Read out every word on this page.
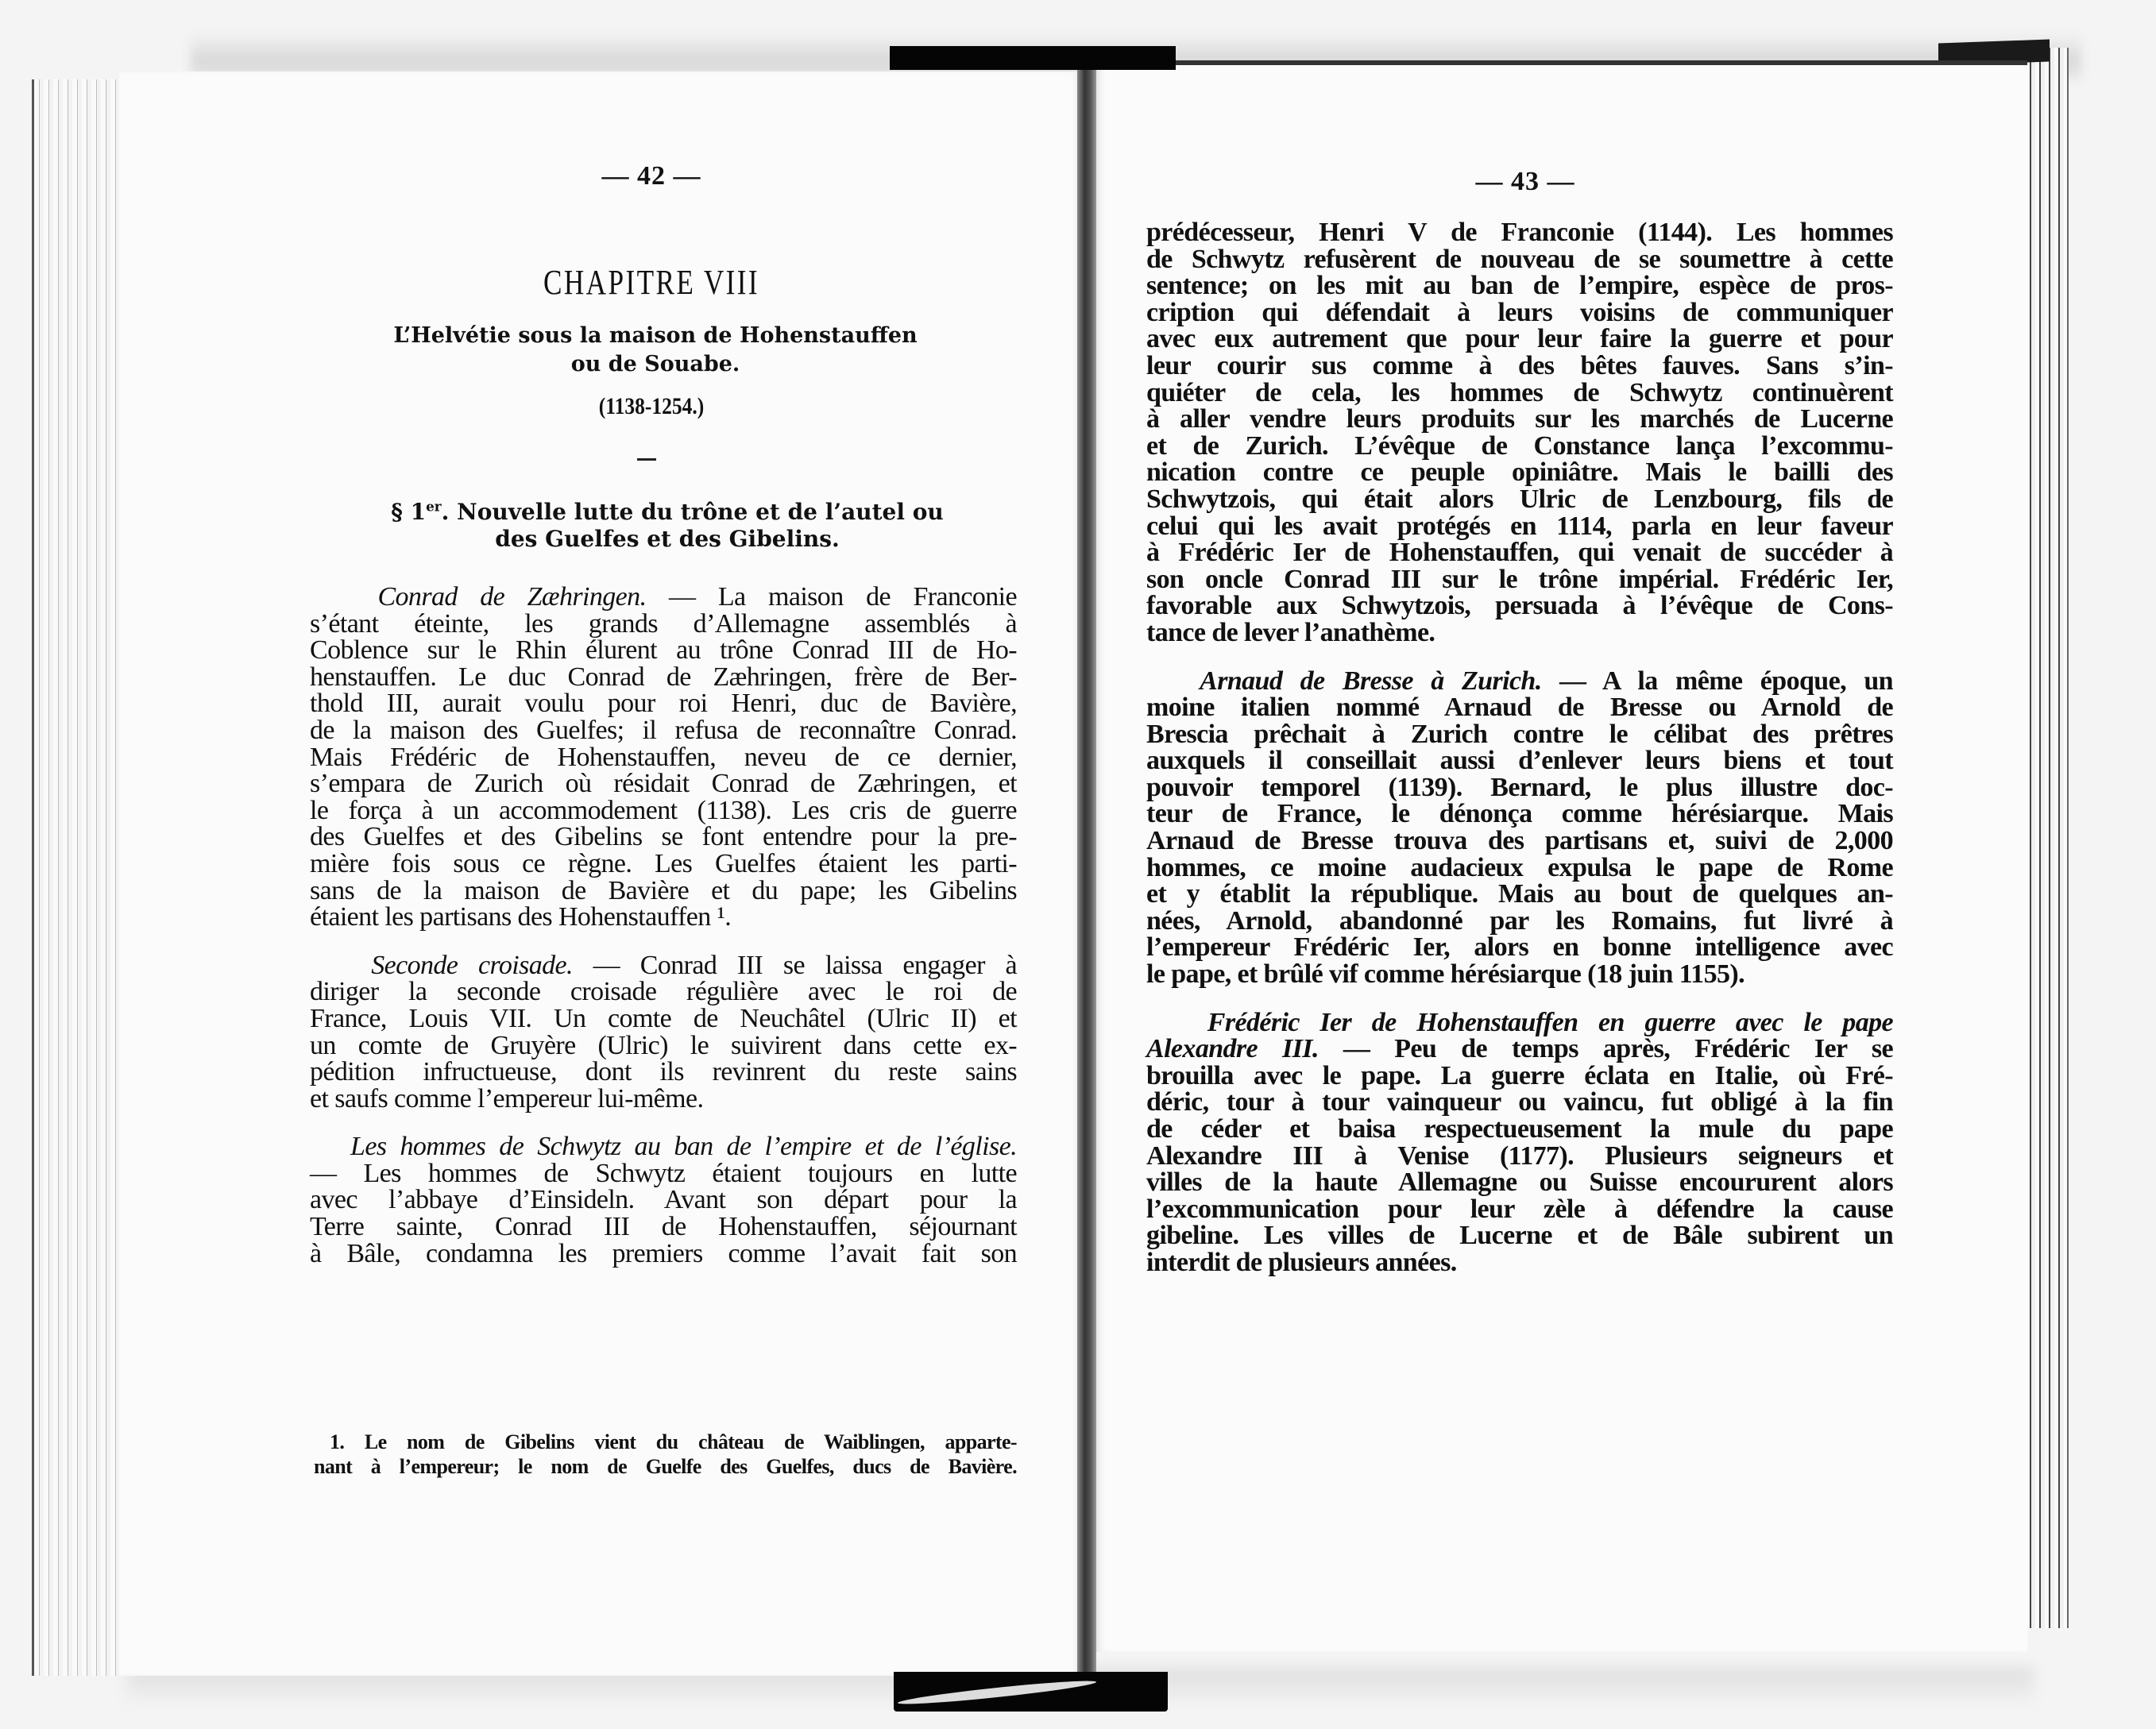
— 42 —
CHAPITRE VIII
L’Helvétie sous la maison de Hohenstauffen
ou de Souabe.
(1138-1254.)
§ 1er. Nouvelle lutte du trône et de l’autel ou
des Guelfes et des Gibelins.
Conrad de Zæhringen. — La maison de Franconie
s’étant éteinte, les grands d’Allemagne assemblés à
Coblence sur le Rhin élurent au trône Conrad III de Ho-
henstauffen. Le duc Conrad de Zæhringen, frère de Ber-
thold III, aurait voulu pour roi Henri, duc de Bavière,
de la maison des Guelfes; il refusa de reconnaître Conrad.
Mais Frédéric de Hohenstauffen, neveu de ce dernier,
s’empara de Zurich où résidait Conrad de Zæhringen, et
le força à un accommodement (1138). Les cris de guerre
des Guelfes et des Gibelins se font entendre pour la pre-
mière fois sous ce règne. Les Guelfes étaient les parti-
sans de la maison de Bavière et du pape; les Gibelins
étaient les partisans des Hohenstauffen ¹.
Seconde croisade. — Conrad III se laissa engager à
diriger la seconde croisade régulière avec le roi de
France, Louis VII. Un comte de Neuchâtel (Ulric II) et
un comte de Gruyère (Ulric) le suivirent dans cette ex-
pédition infructueuse, dont ils revinrent du reste sains
et saufs comme l’empereur lui-même.
Les hommes de Schwytz au ban de l’empire et de l’église.
— Les hommes de Schwytz étaient toujours en lutte
avec l’abbaye d’Einsideln. Avant son départ pour la
Terre sainte, Conrad III de Hohenstauffen, séjournant
à Bâle, condamna les premiers comme l’avait fait son
1. Le nom de Gibelins vient du château de Waiblingen, apparte-
nant à l’empereur; le nom de Guelfe des Guelfes, ducs de Bavière.
— 43 —
prédécesseur, Henri V de Franconie (1144). Les hommes
de Schwytz refusèrent de nouveau de se soumettre à cette
sentence; on les mit au ban de l’empire, espèce de pros-
cription qui défendait à leurs voisins de communiquer
avec eux autrement que pour leur faire la guerre et pour
leur courir sus comme à des bêtes fauves. Sans s’in-
quiéter de cela, les hommes de Schwytz continuèrent
à aller vendre leurs produits sur les marchés de Lucerne
et de Zurich. L’évêque de Constance lança l’excommu-
nication contre ce peuple opiniâtre. Mais le bailli des
Schwytzois, qui était alors Ulric de Lenzbourg, fils de
celui qui les avait protégés en 1114, parla en leur faveur
à Frédéric Ier de Hohenstauffen, qui venait de succéder à
son oncle Conrad III sur le trône impérial. Frédéric Ier,
favorable aux Schwytzois, persuada à l’évêque de Cons-
tance de lever l’anathème.
Arnaud de Bresse à Zurich. — A la même époque, un
moine italien nommé Arnaud de Bresse ou Arnold de
Brescia prêchait à Zurich contre le célibat des prêtres
auxquels il conseillait aussi d’enlever leurs biens et tout
pouvoir temporel (1139). Bernard, le plus illustre doc-
teur de France, le dénonça comme hérésiarque. Mais
Arnaud de Bresse trouva des partisans et, suivi de 2,000
hommes, ce moine audacieux expulsa le pape de Rome
et y établit la république. Mais au bout de quelques an-
nées, Arnold, abandonné par les Romains, fut livré à
l’empereur Frédéric Ier, alors en bonne intelligence avec
le pape, et brûlé vif comme hérésiarque (18 juin 1155).
Frédéric Ier de Hohenstauffen en guerre avec le pape
Alexandre III. — Peu de temps après, Frédéric Ier se
brouilla avec le pape. La guerre éclata en Italie, où Fré-
déric, tour à tour vainqueur ou vaincu, fut obligé à la fin
de céder et baisa respectueusement la mule du pape
Alexandre III à Venise (1177). Plusieurs seigneurs et
villes de la haute Allemagne ou Suisse encoururent alors
l’excommunication pour leur zèle à défendre la cause
gibeline. Les villes de Lucerne et de Bâle subirent un
interdit de plusieurs années.
